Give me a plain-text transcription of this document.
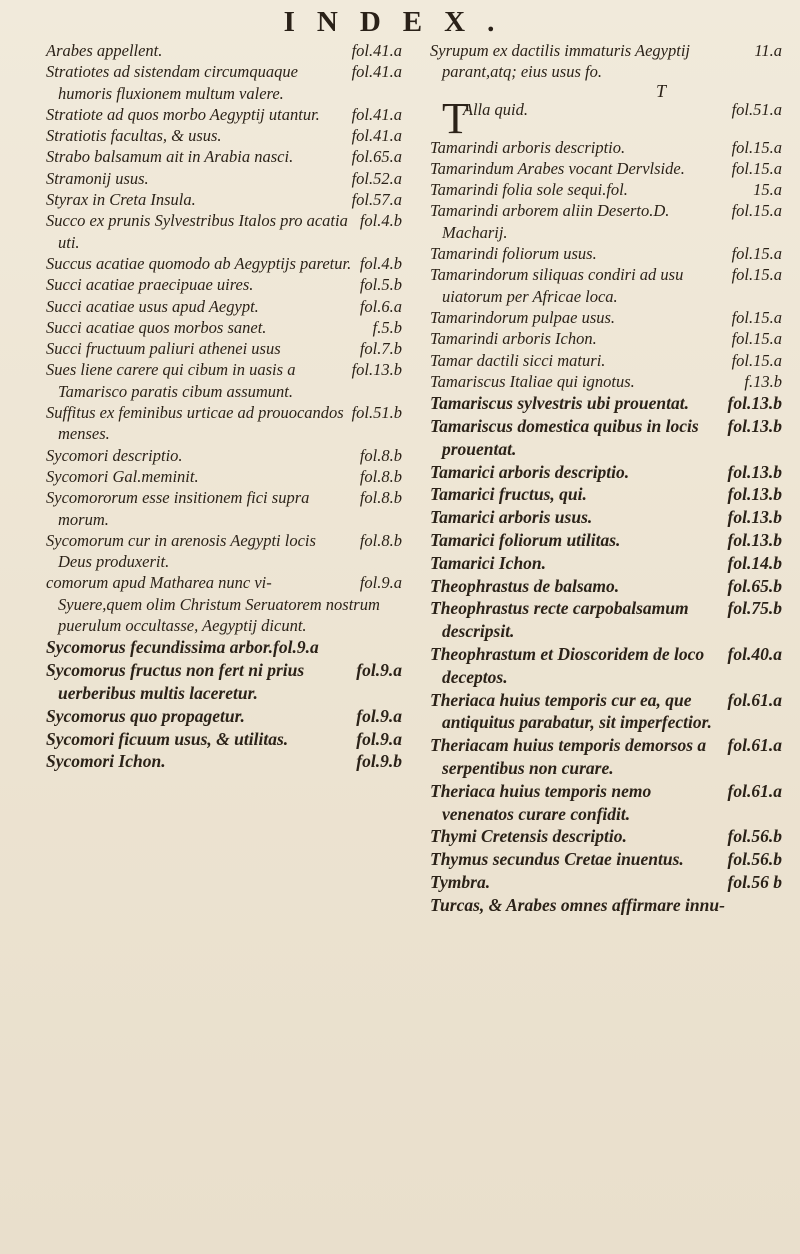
INDEX.

fol.41.a
Arabes appellent.

fol.41.a
Stratiotes ad sistendam circumquaque humoris fluxionem multum valere.

fol.41.a
Stratiote ad quos morbo Aegyptij utantur.

fol.41.a
Stratiotis facultas, & usus.

fol.65.a
Strabo balsamum ait in Arabia nasci.

fol.52.a
Stramonij usus.

fol.57.a
Styrax in Creta Insula.

fol.4.b
Succo ex prunis Sylvestribus Italos pro acatia uti.

fol.4.b
Succus acatiae quomodo ab Aegyptijs paretur.

fol.5.b
Succi acatiae praecipuae uires.

fol.6.a
Succi acatiae usus apud Aegypt.

f.5.b
Succi acatiae quos morbos sanet.

fol.7.b
Succi fructuum paliuri athenei usus

fol.13.b
Sues liene carere qui cibum in uasis a Tamarisco paratis cibum assumunt.

fol.51.b
Suffitus ex feminibus urticae ad prouocandos menses.

fol.8.b
Sycomori descriptio.

fol.8.b
Sycomori Gal.meminit.

fol.8.b
Sycomororum esse insitionem fici supra morum.

fol.8.b
Sycomorum cur in arenosis Aegypti locis Deus produxerit.

fol.9.a
comorum apud Matharea nunc vi-Syuere,quem olim Christum Seruatorem nostrum puerulum occultasse, Aegyptij dicunt.

Sycomorus fecundissima arbor.fol.9.a

fol.9.a
Sycomorus fructus non fert ni prius uerberibus multis laceretur.

fol.9.a
Sycomorus quo propagetur.

fol.9.a
Sycomori ficuum usus, & utilitas.

fol.9.b
Sycomori Ichon.

11.a
Syrupum ex dactilis immaturis Aegyptij parant,atq; eius usus fo.

T

T	fol.51.a
Alla quid.

fol.15.a
Tamarindi arboris descriptio.

fol.15.a
Tamarindum Arabes vocant Dervlside.

15.a
Tamarindi folia sole sequi.fol.

fol.15.a
Tamarindi arborem aliin Deserto.D. Macharij.

fol.15.a
Tamarindi foliorum usus.

fol.15.a
Tamarindorum siliquas condiri ad usu uiatorum per Africae loca.

fol.15.a
Tamarindorum pulpae usus.

fol.15.a
Tamarindi arboris Ichon.

fol.15.a
Tamar dactili sicci maturi.

f.13.b
Tamariscus Italiae qui ignotus.

fol.13.b
Tamariscus sylvestris ubi prouentat.

fol.13.b
Tamariscus domestica quibus in locis prouentat.

fol.13.b
Tamarici arboris descriptio.

fol.13.b
Tamarici fructus, qui.

fol.13.b
Tamarici arboris usus.

fol.13.b
Tamarici foliorum utilitas.

fol.14.b
Tamarici Ichon.

fol.65.b
Theophrastus de balsamo.

fol.75.b
Theophrastus recte carpobalsamum descripsit.

fol.40.a
Theophrastum et Dioscoridem de loco deceptos.

fol.61.a
Theriaca huius temporis cur ea, que antiquitus parabatur, sit imperfectior.

fol.61.a
Theriacam huius temporis demorsos a serpentibus non curare.

fol.61.a
Theriaca huius temporis nemo venenatos curare confidit.

fol.56.b
Thymi Cretensis descriptio.

fol.56.b
Thymus secundus Cretae inuentus.

fol.56 b
Tymbra.

Turcas, & Arabes omnes affirmare innu-
